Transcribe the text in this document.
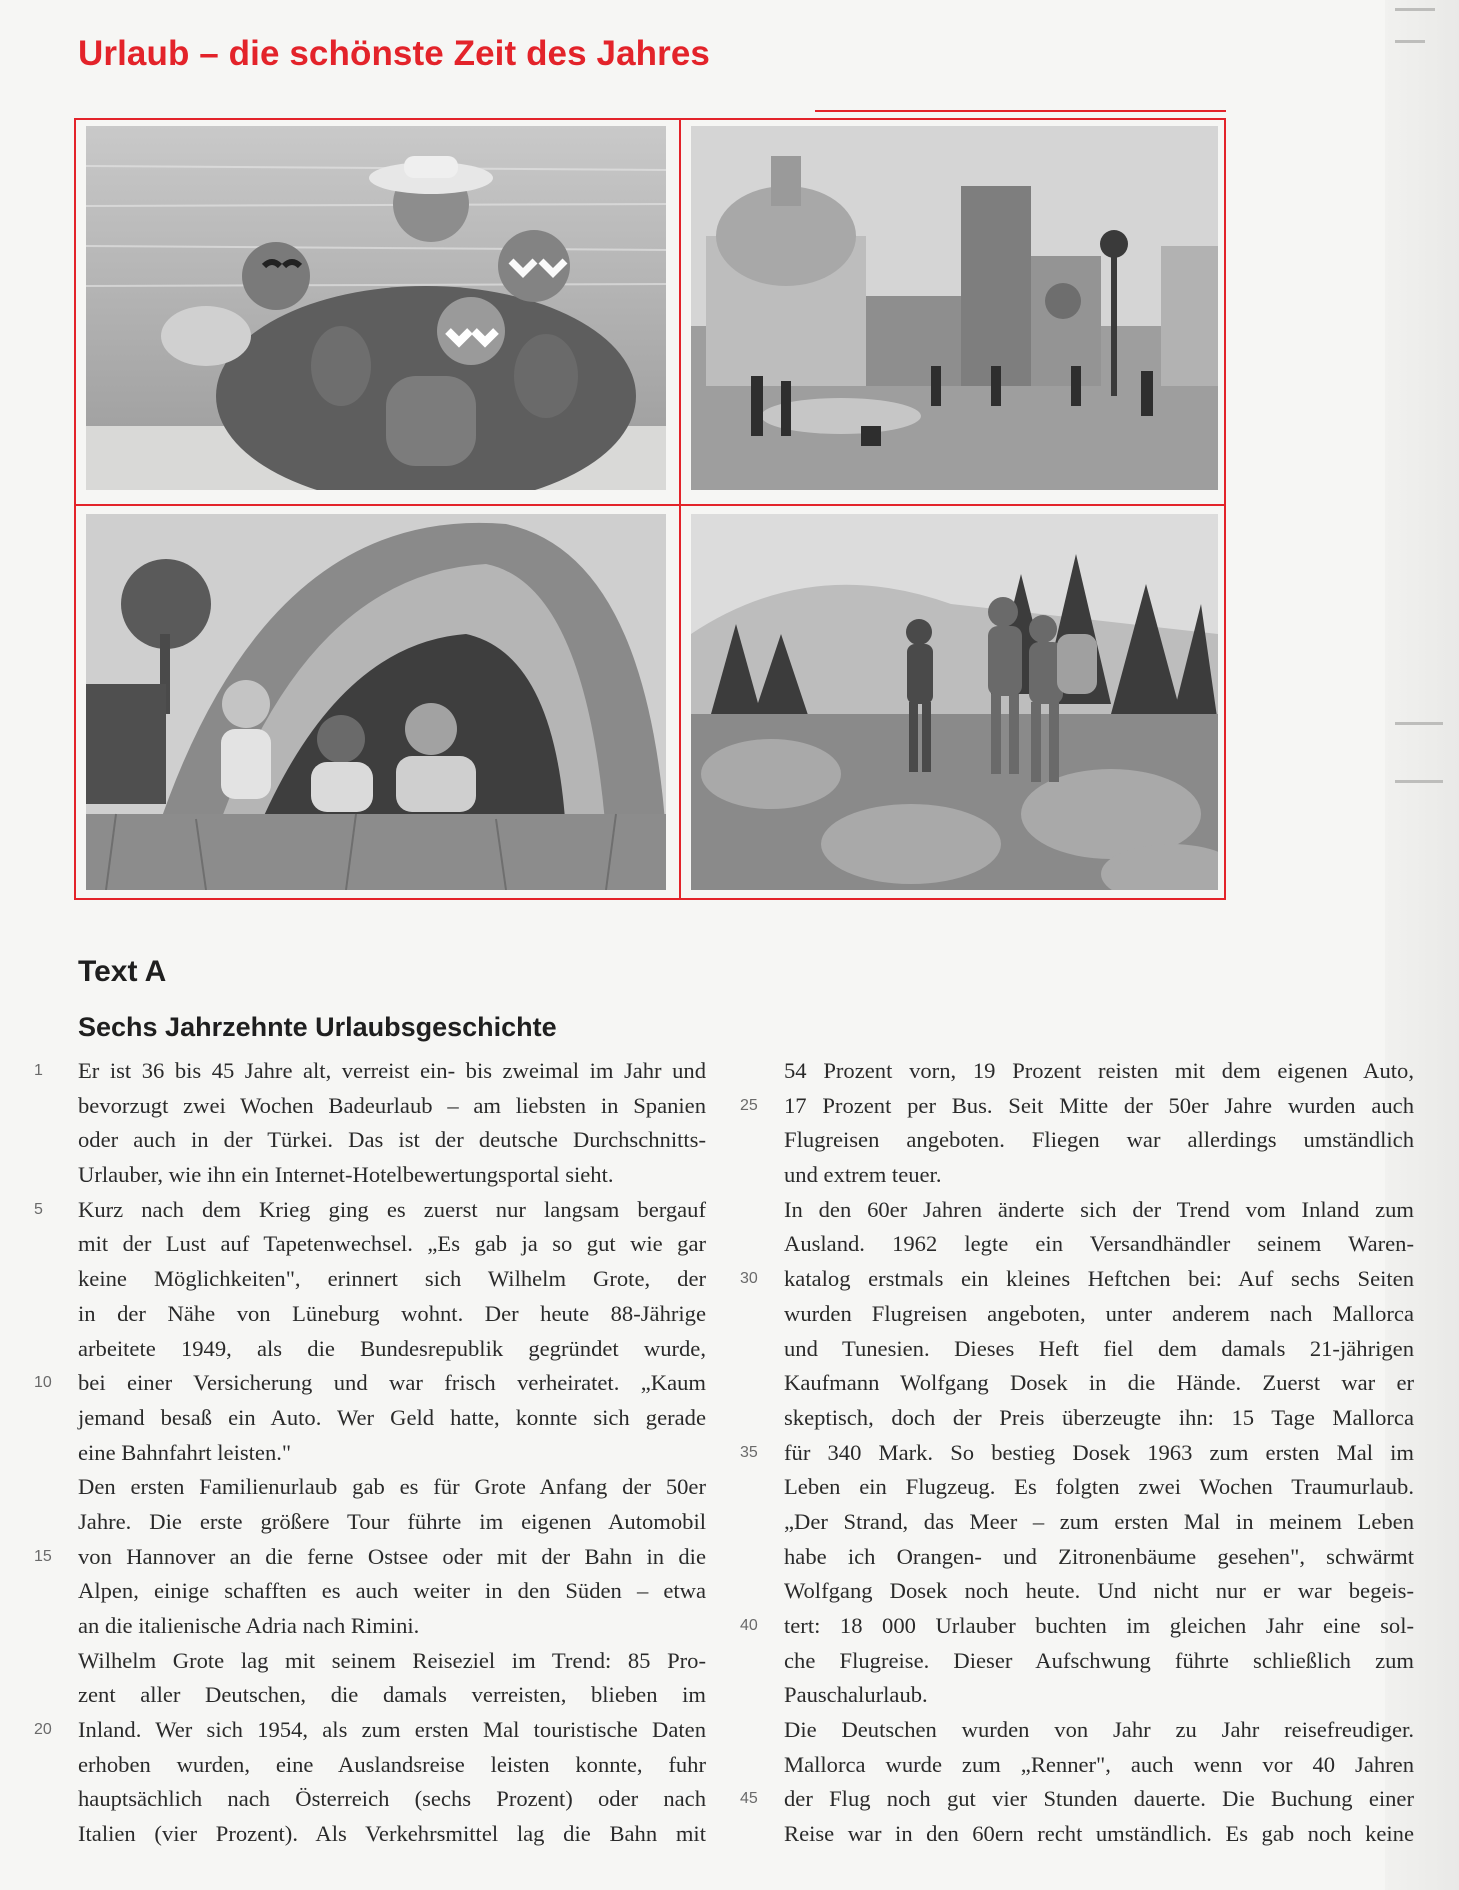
Urlaub – die schönste Zeit des Jahres
Text A
Sechs Jahrzehnte Urlaubsgeschichte
1	Er ist 36 bis 45 Jahre alt, verreist ein- bis zweimal im Jahr und
bevorzugt zwei Wochen Badeurlaub – am liebsten in Spanien
oder auch in der Türkei. Das ist der deutsche Durchschnitts-
Urlauber, wie ihn ein Internet-Hotelbewertungsportal sieht.
5	Kurz nach dem Krieg ging es zuerst nur langsam bergauf
mit der Lust auf Tapetenwechsel. „Es gab ja so gut wie gar
keine Möglichkeiten", erinnert sich Wilhelm Grote, der
in der Nähe von Lüneburg wohnt. Der heute 88-Jährige
arbeitete 1949, als die Bundesrepublik gegründet wurde,
10	bei einer Versicherung und war frisch verheiratet. „Kaum
jemand besaß ein Auto. Wer Geld hatte, konnte sich gerade
eine Bahnfahrt leisten."
Den ersten Familienurlaub gab es für Grote Anfang der 50er
Jahre. Die erste größere Tour führte im eigenen Automobil
15	von Hannover an die ferne Ostsee oder mit der Bahn in die
Alpen, einige schafften es auch weiter in den Süden – etwa
an die italienische Adria nach Rimini.
Wilhelm Grote lag mit seinem Reiseziel im Trend: 85 Pro-
zent aller Deutschen, die damals verreisten, blieben im
20	Inland. Wer sich 1954, als zum ersten Mal touristische Daten
erhoben wurden, eine Auslandsreise leisten konnte, fuhr
hauptsächlich nach Österreich (sechs Prozent) oder nach
Italien (vier Prozent). Als Verkehrsmittel lag die Bahn mit
54 Prozent vorn, 19 Prozent reisten mit dem eigenen Auto,
25	17 Prozent per Bus. Seit Mitte der 50er Jahre wurden auch
Flugreisen angeboten. Fliegen war allerdings umständlich
und extrem teuer.
In den 60er Jahren änderte sich der Trend vom Inland zum
Ausland. 1962 legte ein Versandhändler seinem Waren-
30	katalog erstmals ein kleines Heftchen bei: Auf sechs Seiten
wurden Flugreisen angeboten, unter anderem nach Mallorca
und Tunesien. Dieses Heft fiel dem damals 21-jährigen
Kaufmann Wolfgang Dosek in die Hände. Zuerst war er
skeptisch, doch der Preis überzeugte ihn: 15 Tage Mallorca
35	für 340 Mark. So bestieg Dosek 1963 zum ersten Mal im
Leben ein Flugzeug. Es folgten zwei Wochen Traumurlaub.
„Der Strand, das Meer – zum ersten Mal in meinem Leben
habe ich Orangen- und Zitronenbäume gesehen", schwärmt
Wolfgang Dosek noch heute. Und nicht nur er war begeis-
40	tert: 18 000 Urlauber buchten im gleichen Jahr eine sol-
che Flugreise. Dieser Aufschwung führte schließlich zum
Pauschalurlaub.
Die Deutschen wurden von Jahr zu Jahr reisefreudiger.
Mallorca wurde zum „Renner", auch wenn vor 40 Jahren
45	der Flug noch gut vier Stunden dauerte. Die Buchung einer
Reise war in den 60ern recht umständlich. Es gab noch keine
